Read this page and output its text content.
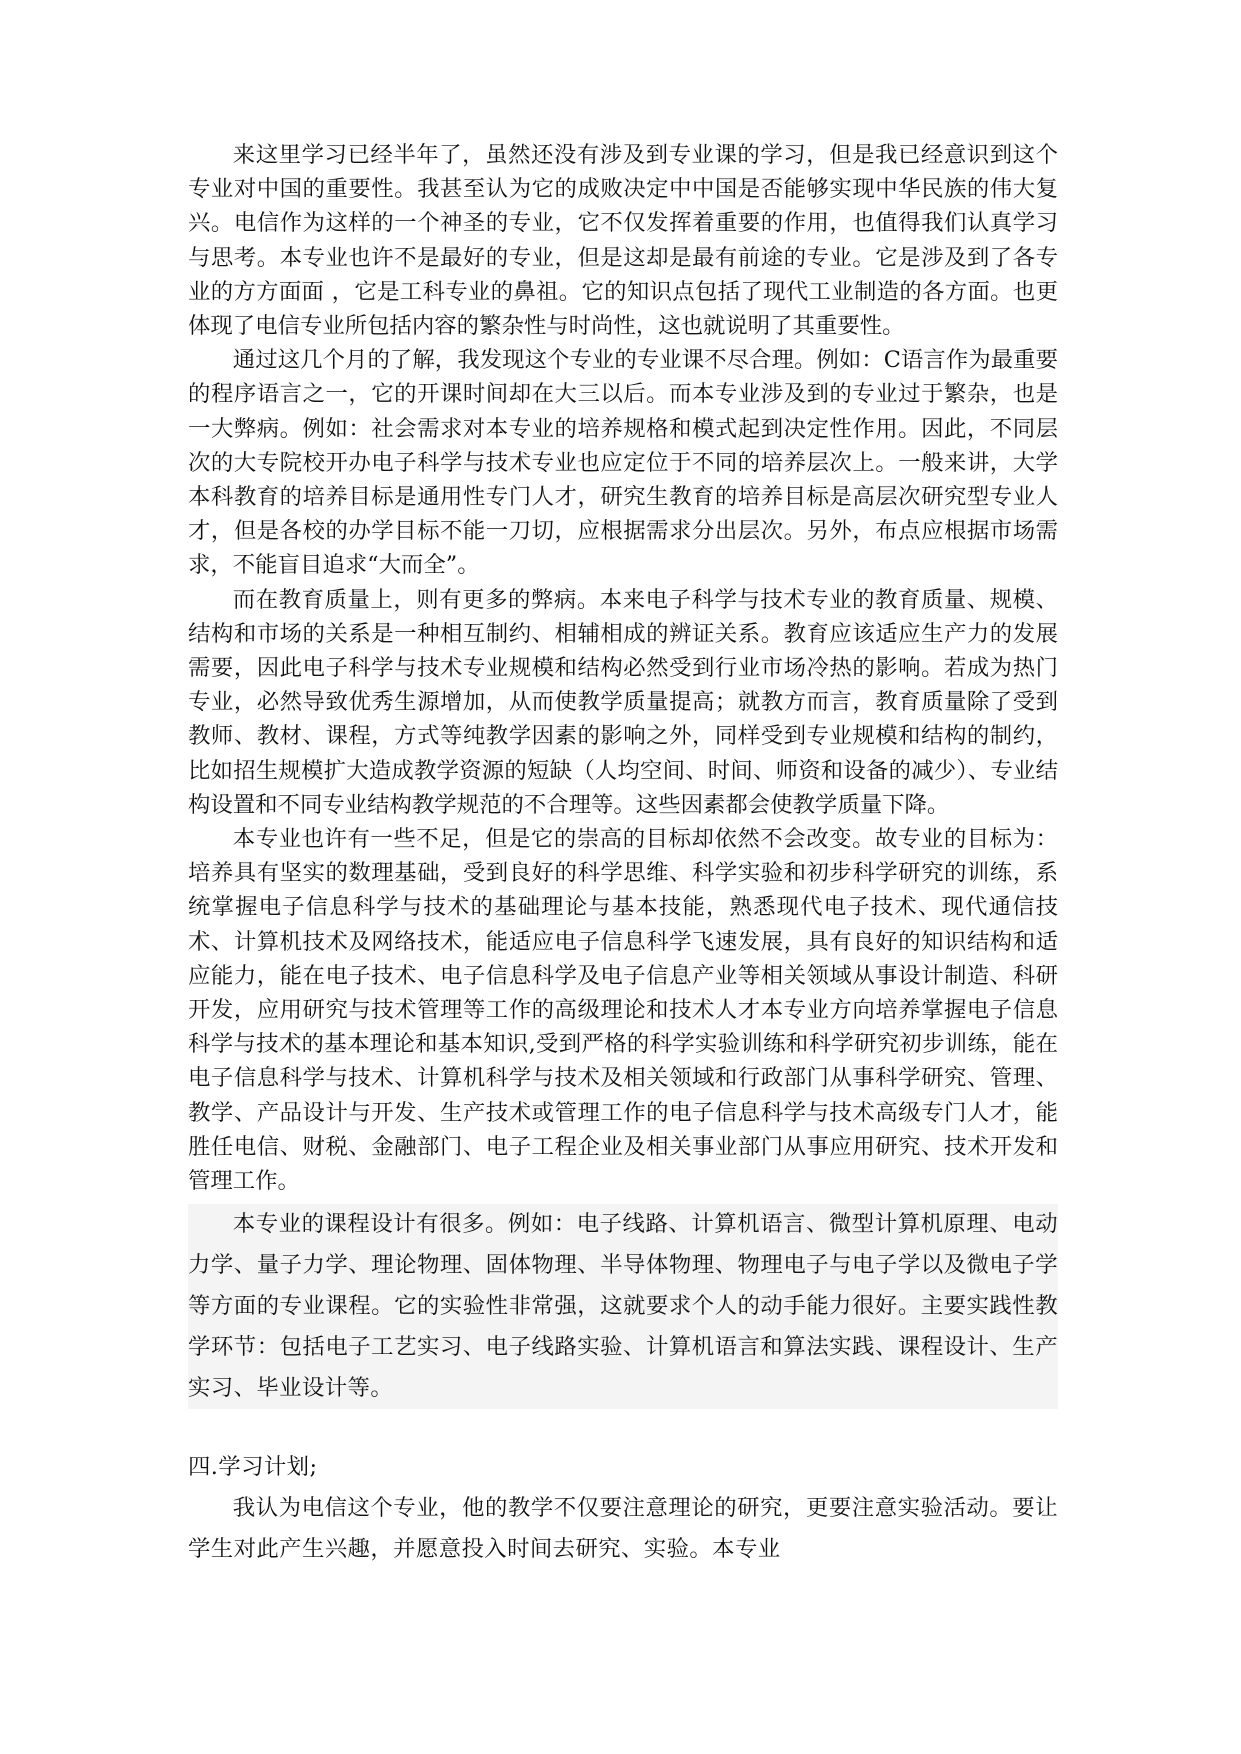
来这里学习已经半年了，虽然还没有涉及到专业课的学习，但是我已经意识到这个专业对中国的重要性。我甚至认为它的成败决定中中国是否能够实现中华民族的伟大复兴。电信作为这样的一个神圣的专业，它不仅发挥着重要的作用，也值得我们认真学习与思考。本专业也许不是最好的专业，但是这却是最有前途的专业。它是涉及到了各专业的方方面面 ，它是工科专业的鼻祖。它的知识点包括了现代工业制造的各方面。也更体现了电信专业所包括内容的繁杂性与时尚性，这也就说明了其重要性。

通过这几个月的了解，我发现这个专业的专业课不尽合理。例如：C语言作为最重要的程序语言之一，它的开课时间却在大三以后。而本专业涉及到的专业过于繁杂，也是一大弊病。例如：社会需求对本专业的培养规格和模式起到决定性作用。因此，不同层次的大专院校开办电子科学与技术专业也应定位于不同的培养层次上。一般来讲，大学本科教育的培养目标是通用性专门人才，研究生教育的培养目标是高层次研究型专业人才，但是各校的办学目标不能一刀切，应根据需求分出层次。另外，布点应根据市场需求，不能盲目追求“大而全”。

而在教育质量上，则有更多的弊病。本来电子科学与技术专业的教育质量、规模、结构和市场的关系是一种相互制约、相辅相成的辨证关系。教育应该适应生产力的发展需要，因此电子科学与技术专业规模和结构必然受到行业市场冷热的影响。若成为热门专业，必然导致优秀生源增加，从而使教学质量提高；就教方而言，教育质量除了受到教师、教材、课程，方式等纯教学因素的影响之外，同样受到专业规模和结构的制约，比如招生规模扩大造成教学资源的短缺（人均空间、时间、师资和设备的减少）、专业结构设置和不同专业结构教学规范的不合理等。这些因素都会使教学质量下降。

本专业也许有一些不足，但是它的崇高的目标却依然不会改变。故专业的目标为：培养具有坚实的数理基础，受到良好的科学思维、科学实验和初步科学研究的训练，系统掌握电子信息科学与技术的基础理论与基本技能，熟悉现代电子技术、现代通信技术、计算机技术及网络技术，能适应电子信息科学飞速发展，具有良好的知识结构和适应能力，能在电子技术、电子信息科学及电子信息产业等相关领域从事设计制造、科研开发，应用研究与技术管理等工作的高级理论和技术人才本专业方向培养掌握电子信息科学与技术的基本理论和基本知识,受到严格的科学实验训练和科学研究初步训练，能在电子信息科学与技术、计算机科学与技术及相关领域和行政部门从事科学研究、管理、教学、产品设计与开发、生产技术或管理工作的电子信息科学与技术高级专门人才，能胜任电信、财税、金融部门、电子工程企业及相关事业部门从事应用研究、技术开发和管理工作。

本专业的课程设计有很多。例如：电子线路、计算机语言、微型计算机原理、电动力学、量子力学、理论物理、固体物理、半导体物理、物理电子与电子学以及微电子学等方面的专业课程。它的实验性非常强，这就要求个人的动手能力很好。主要实践性教学环节：包括电子工艺实习、电子线路实验、计算机语言和算法实践、课程设计、生产实习、毕业设计等。

四.学习计划;

我认为电信这个专业，他的教学不仅要注意理论的研究，更要注意实验活动。要让学生对此产生兴趣，并愿意投入时间去研究、实验。本专业
